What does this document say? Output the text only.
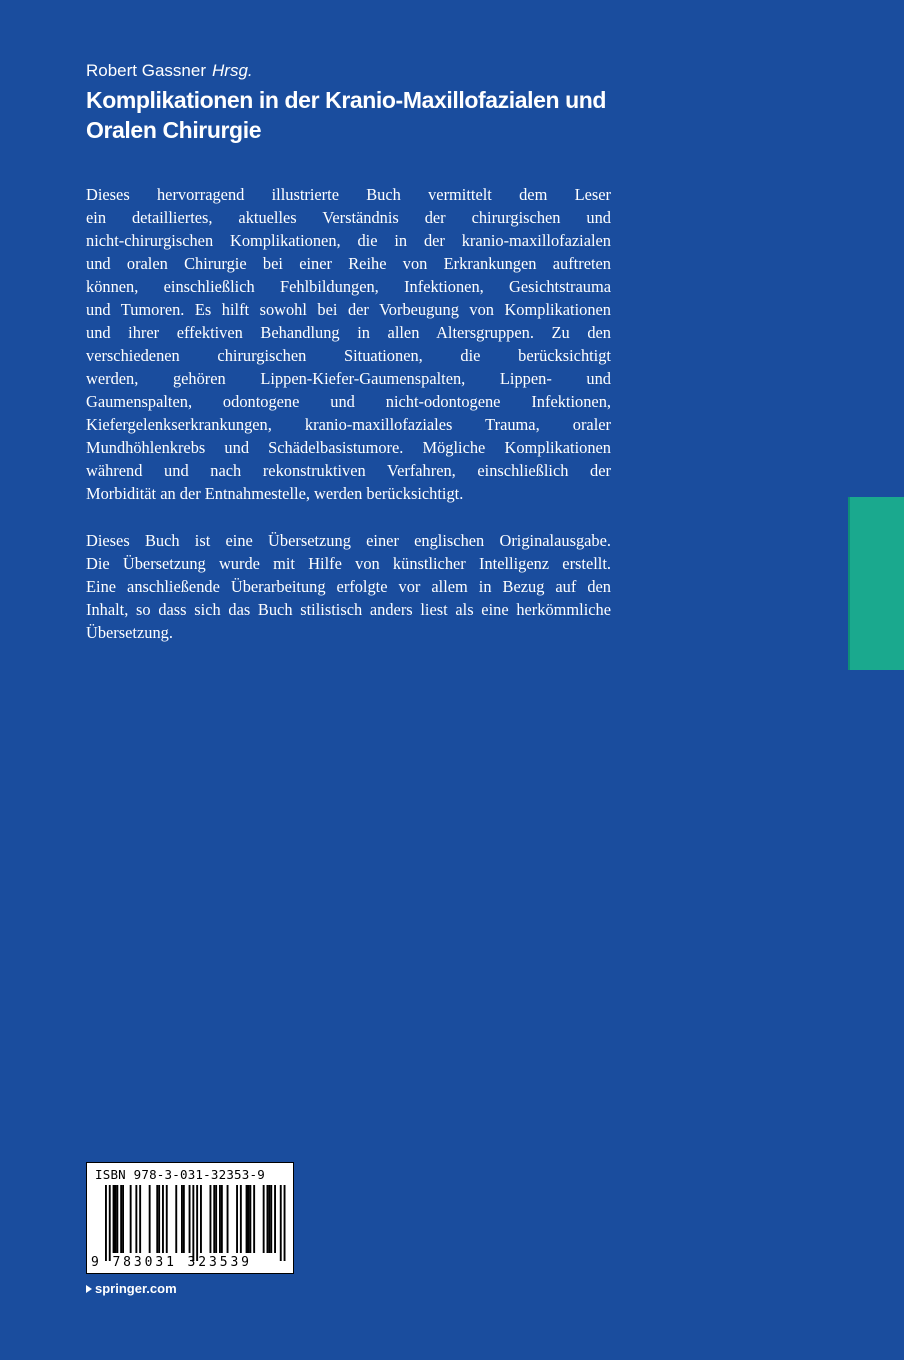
Robert Gassner Hrsg.
Komplikationen in der Kranio-Maxillofazialen und
Oralen Chirurgie
Dieses hervorragend illustrierte Buch vermittelt dem Leser
ein detailliertes, aktuelles Verständnis der chirurgischen und
nicht-chirurgischen Komplikationen, die in der kranio-maxillofazialen
und oralen Chirurgie bei einer Reihe von Erkrankungen auftreten
können, einschließlich Fehlbildungen, Infektionen, Gesichtstrauma
und Tumoren. Es hilft sowohl bei der Vorbeugung von Komplikationen
und ihrer effektiven Behandlung in allen Altersgruppen. Zu den
verschiedenen chirurgischen Situationen, die berücksichtigt
werden, gehören Lippen-Kiefer-Gaumenspalten, Lippen- und
Gaumenspalten, odontogene und nicht-odontogene Infektionen,
Kiefergelenkserkrankungen, kranio-maxillofaziales Trauma, oraler
Mundhöhlenkrebs und Schädelbasistumore. Mögliche Komplikationen
während und nach rekonstruktiven Verfahren, einschließlich der
Morbidität an der Entnahmestelle, werden berücksichtigt.
Dieses Buch ist eine Übersetzung einer englischen Originalausgabe.
Die Übersetzung wurde mit Hilfe von künstlicher Intelligenz erstellt.
Eine anschließende Überarbeitung erfolgte vor allem in Bezug auf den
Inhalt, so dass sich das Buch stilistisch anders liest als eine herkömmliche
Übersetzung.
ISBN 978-3-031-32353-9
9 783031 323539
springer.com
